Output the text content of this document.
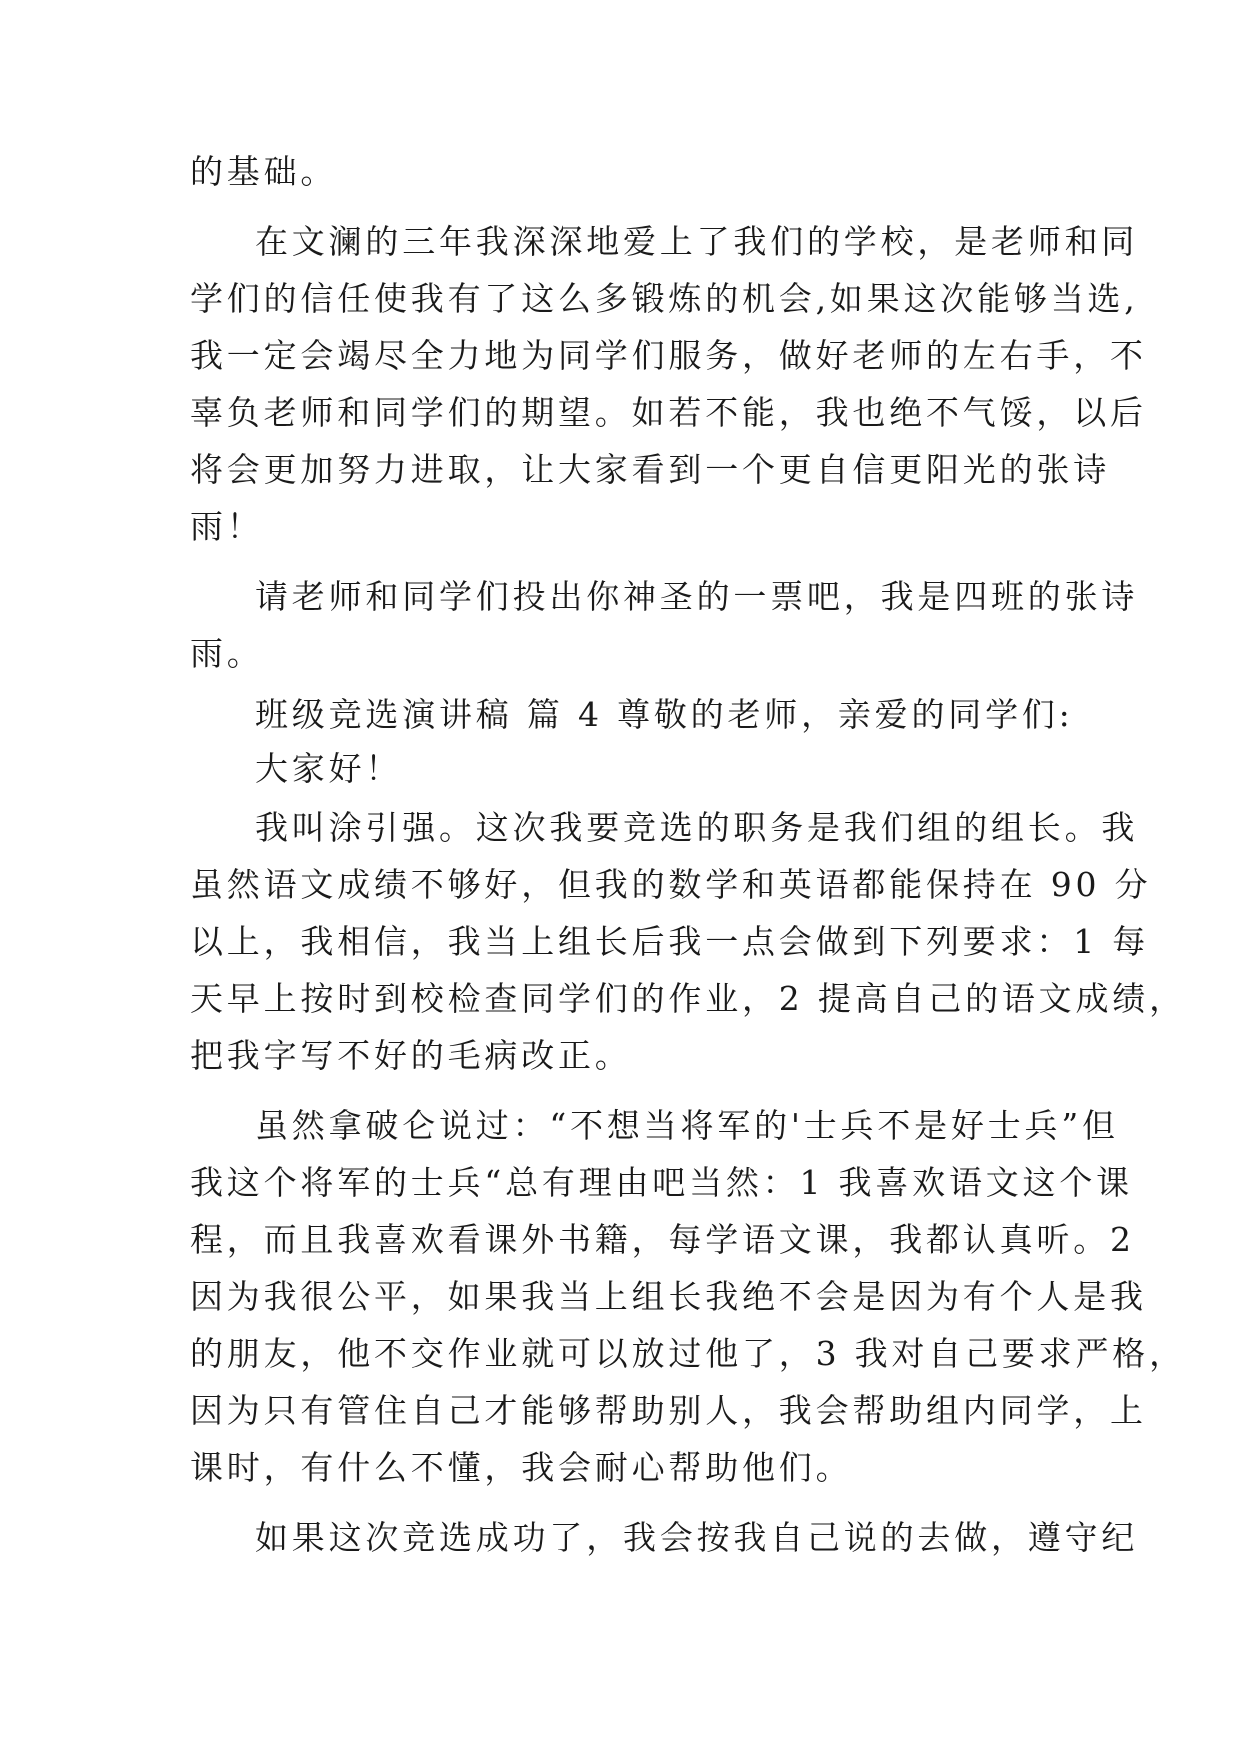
的基础。
在文澜的三年我深深地爱上了我们的学校，是老师和同
学们的信任使我有了这么多锻炼的机会,如果这次能够当选,
我一定会竭尽全力地为同学们服务，做好老师的左右手，不
辜负老师和同学们的期望。如若不能，我也绝不气馁，以后
将会更加努力进取，让大家看到一个更自信更阳光的张诗
雨！
请老师和同学们投出你神圣的一票吧，我是四班的张诗
雨。
班级竞选演讲稿 篇 4 尊敬的老师，亲爱的同学们:
大家好！
我叫涂引强。这次我要竞选的职务是我们组的组长。我
虽然语文成绩不够好，但我的数学和英语都能保持在 90 分
以上，我相信，我当上组长后我一点会做到下列要求：1 每
天早上按时到校检查同学们的作业，2 提高自己的语文成绩，
把我字写不好的毛病改正。
虽然拿破仑说过：“不想当将军的'士兵不是好士兵”但
我这个将军的士兵“总有理由吧当然：1 我喜欢语文这个课
程，而且我喜欢看课外书籍，每学语文课，我都认真听。2
因为我很公平，如果我当上组长我绝不会是因为有个人是我
的朋友，他不交作业就可以放过他了，3 我对自己要求严格，
因为只有管住自己才能够帮助别人，我会帮助组内同学，上
课时，有什么不懂，我会耐心帮助他们。
如果这次竞选成功了，我会按我自己说的去做，遵守纪
